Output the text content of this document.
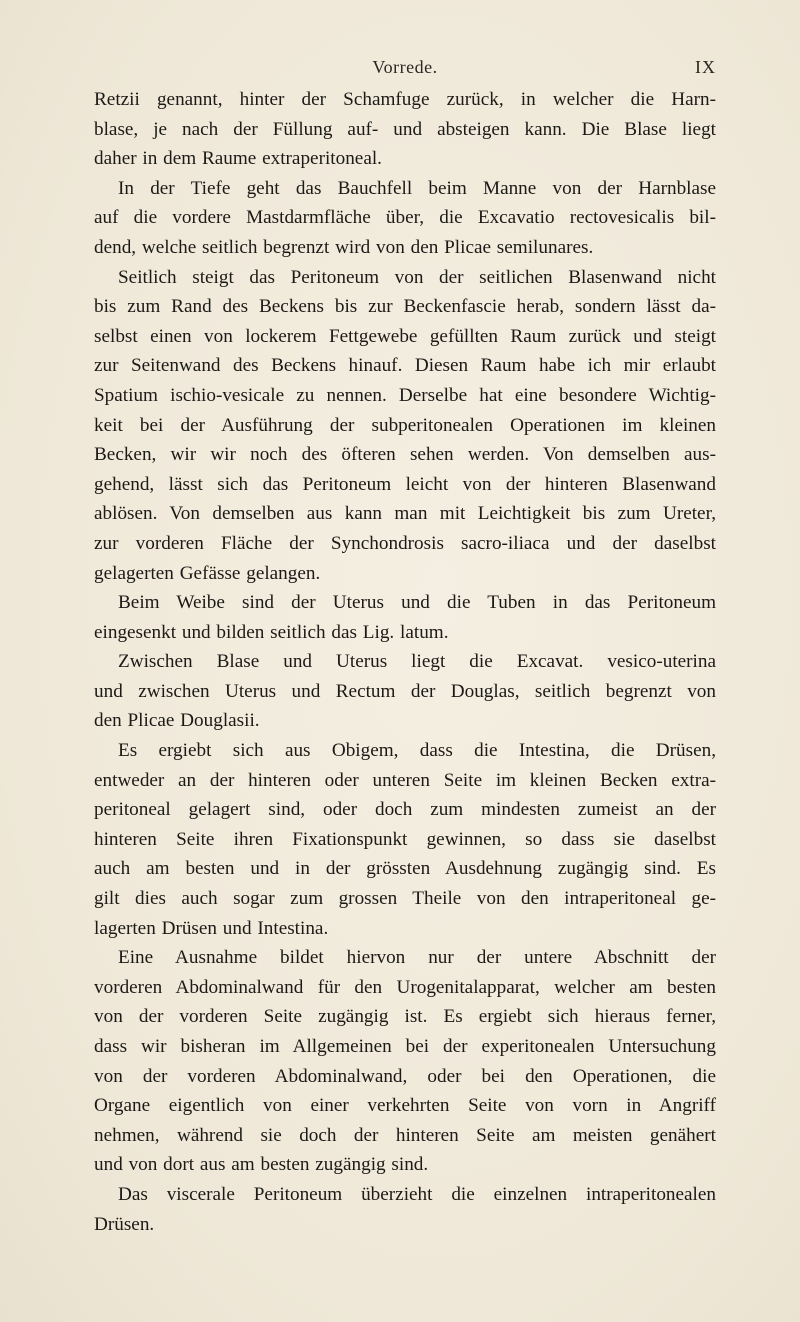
Vorrede.	IX
Retzii genannt, hinter der Schamfuge zurück, in welcher die Harn-
blase, je nach der Füllung auf- und absteigen kann. Die Blase liegt
daher in dem Raume extraperitoneal.
In der Tiefe geht das Bauchfell beim Manne von der Harnblase
auf die vordere Mastdarmfläche über, die Excavatio rectovesicalis bil-
dend, welche seitlich begrenzt wird von den Plicae semilunares.
Seitlich steigt das Peritoneum von der seitlichen Blasenwand nicht
bis zum Rand des Beckens bis zur Beckenfascie herab, sondern lässt da-
selbst einen von lockerem Fettgewebe gefüllten Raum zurück und steigt
zur Seitenwand des Beckens hinauf. Diesen Raum habe ich mir erlaubt
Spatium ischio-vesicale zu nennen. Derselbe hat eine besondere Wichtig-
keit bei der Ausführung der subperitonealen Operationen im kleinen
Becken, wir wir noch des öfteren sehen werden. Von demselben aus-
gehend, lässt sich das Peritoneum leicht von der hinteren Blasenwand
ablösen. Von demselben aus kann man mit Leichtigkeit bis zum Ureter,
zur vorderen Fläche der Synchondrosis sacro-iliaca und der daselbst
gelagerten Gefässe gelangen.
Beim Weibe sind der Uterus und die Tuben in das Peritoneum
eingesenkt und bilden seitlich das Lig. latum.
Zwischen Blase und Uterus liegt die Excavat. vesico-uterina
und zwischen Uterus und Rectum der Douglas, seitlich begrenzt von
den Plicae Douglasii.
Es ergiebt sich aus Obigem, dass die Intestina, die Drüsen,
entweder an der hinteren oder unteren Seite im kleinen Becken extra-
peritoneal gelagert sind, oder doch zum mindesten zumeist an der
hinteren Seite ihren Fixationspunkt gewinnen, so dass sie daselbst
auch am besten und in der grössten Ausdehnung zugängig sind. Es
gilt dies auch sogar zum grossen Theile von den intraperitoneal ge-
lagerten Drüsen und Intestina.
Eine Ausnahme bildet hiervon nur der untere Abschnitt der
vorderen Abdominalwand für den Urogenitalapparat, welcher am besten
von der vorderen Seite zugängig ist. Es ergiebt sich hieraus ferner,
dass wir bisheran im Allgemeinen bei der experitonealen Untersuchung
von der vorderen Abdominalwand, oder bei den Operationen, die
Organe eigentlich von einer verkehrten Seite von vorn in Angriff
nehmen, während sie doch der hinteren Seite am meisten genähert
und von dort aus am besten zugängig sind.
Das viscerale Peritoneum überzieht die einzelnen intraperitonealen
Drüsen.
